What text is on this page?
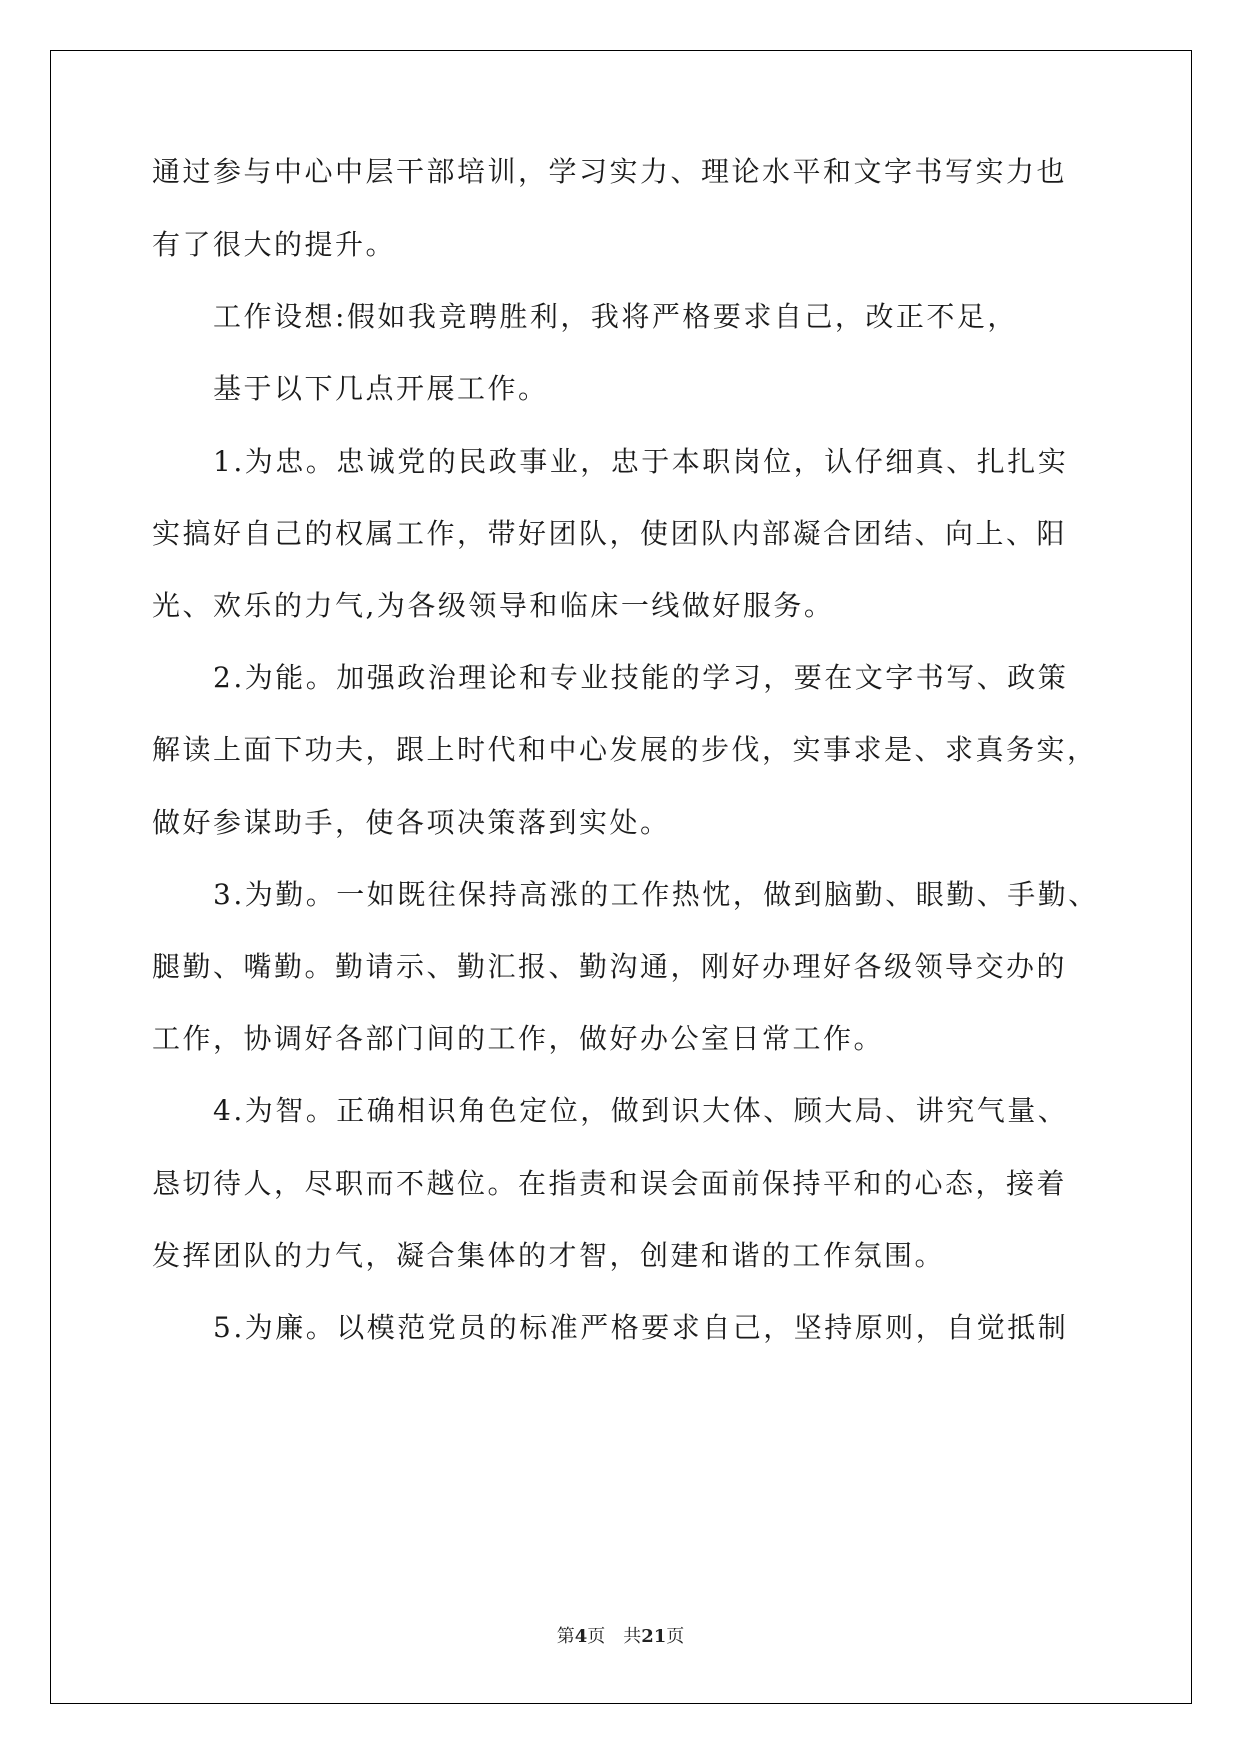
通过参与中心中层干部培训，学习实力、理论水平和文字书写实力也
有了很大的提升。
工作设想:假如我竞聘胜利，我将严格要求自己，改正不足，
基于以下几点开展工作。
1.为忠。忠诚党的民政事业，忠于本职岗位，认仔细真、扎扎实
实搞好自己的权属工作，带好团队，使团队内部凝合团结、向上、阳
光、欢乐的力气,为各级领导和临床一线做好服务。
2.为能。加强政治理论和专业技能的学习，要在文字书写、政策
解读上面下功夫，跟上时代和中心发展的步伐，实事求是、求真务实，
做好参谋助手，使各项决策落到实处。
3.为勤。一如既往保持高涨的工作热忱，做到脑勤、眼勤、手勤、
腿勤、嘴勤。勤请示、勤汇报、勤沟通，刚好办理好各级领导交办的
工作，协调好各部门间的工作，做好办公室日常工作。
4.为智。正确相识角色定位，做到识大体、顾大局、讲究气量、
恳切待人，尽职而不越位。在指责和误会面前保持平和的心态，接着
发挥团队的力气，凝合集体的才智，创建和谐的工作氛围。
5.为廉。以模范党员的标准严格要求自己，坚持原则，自觉抵制
第4页 共21页
